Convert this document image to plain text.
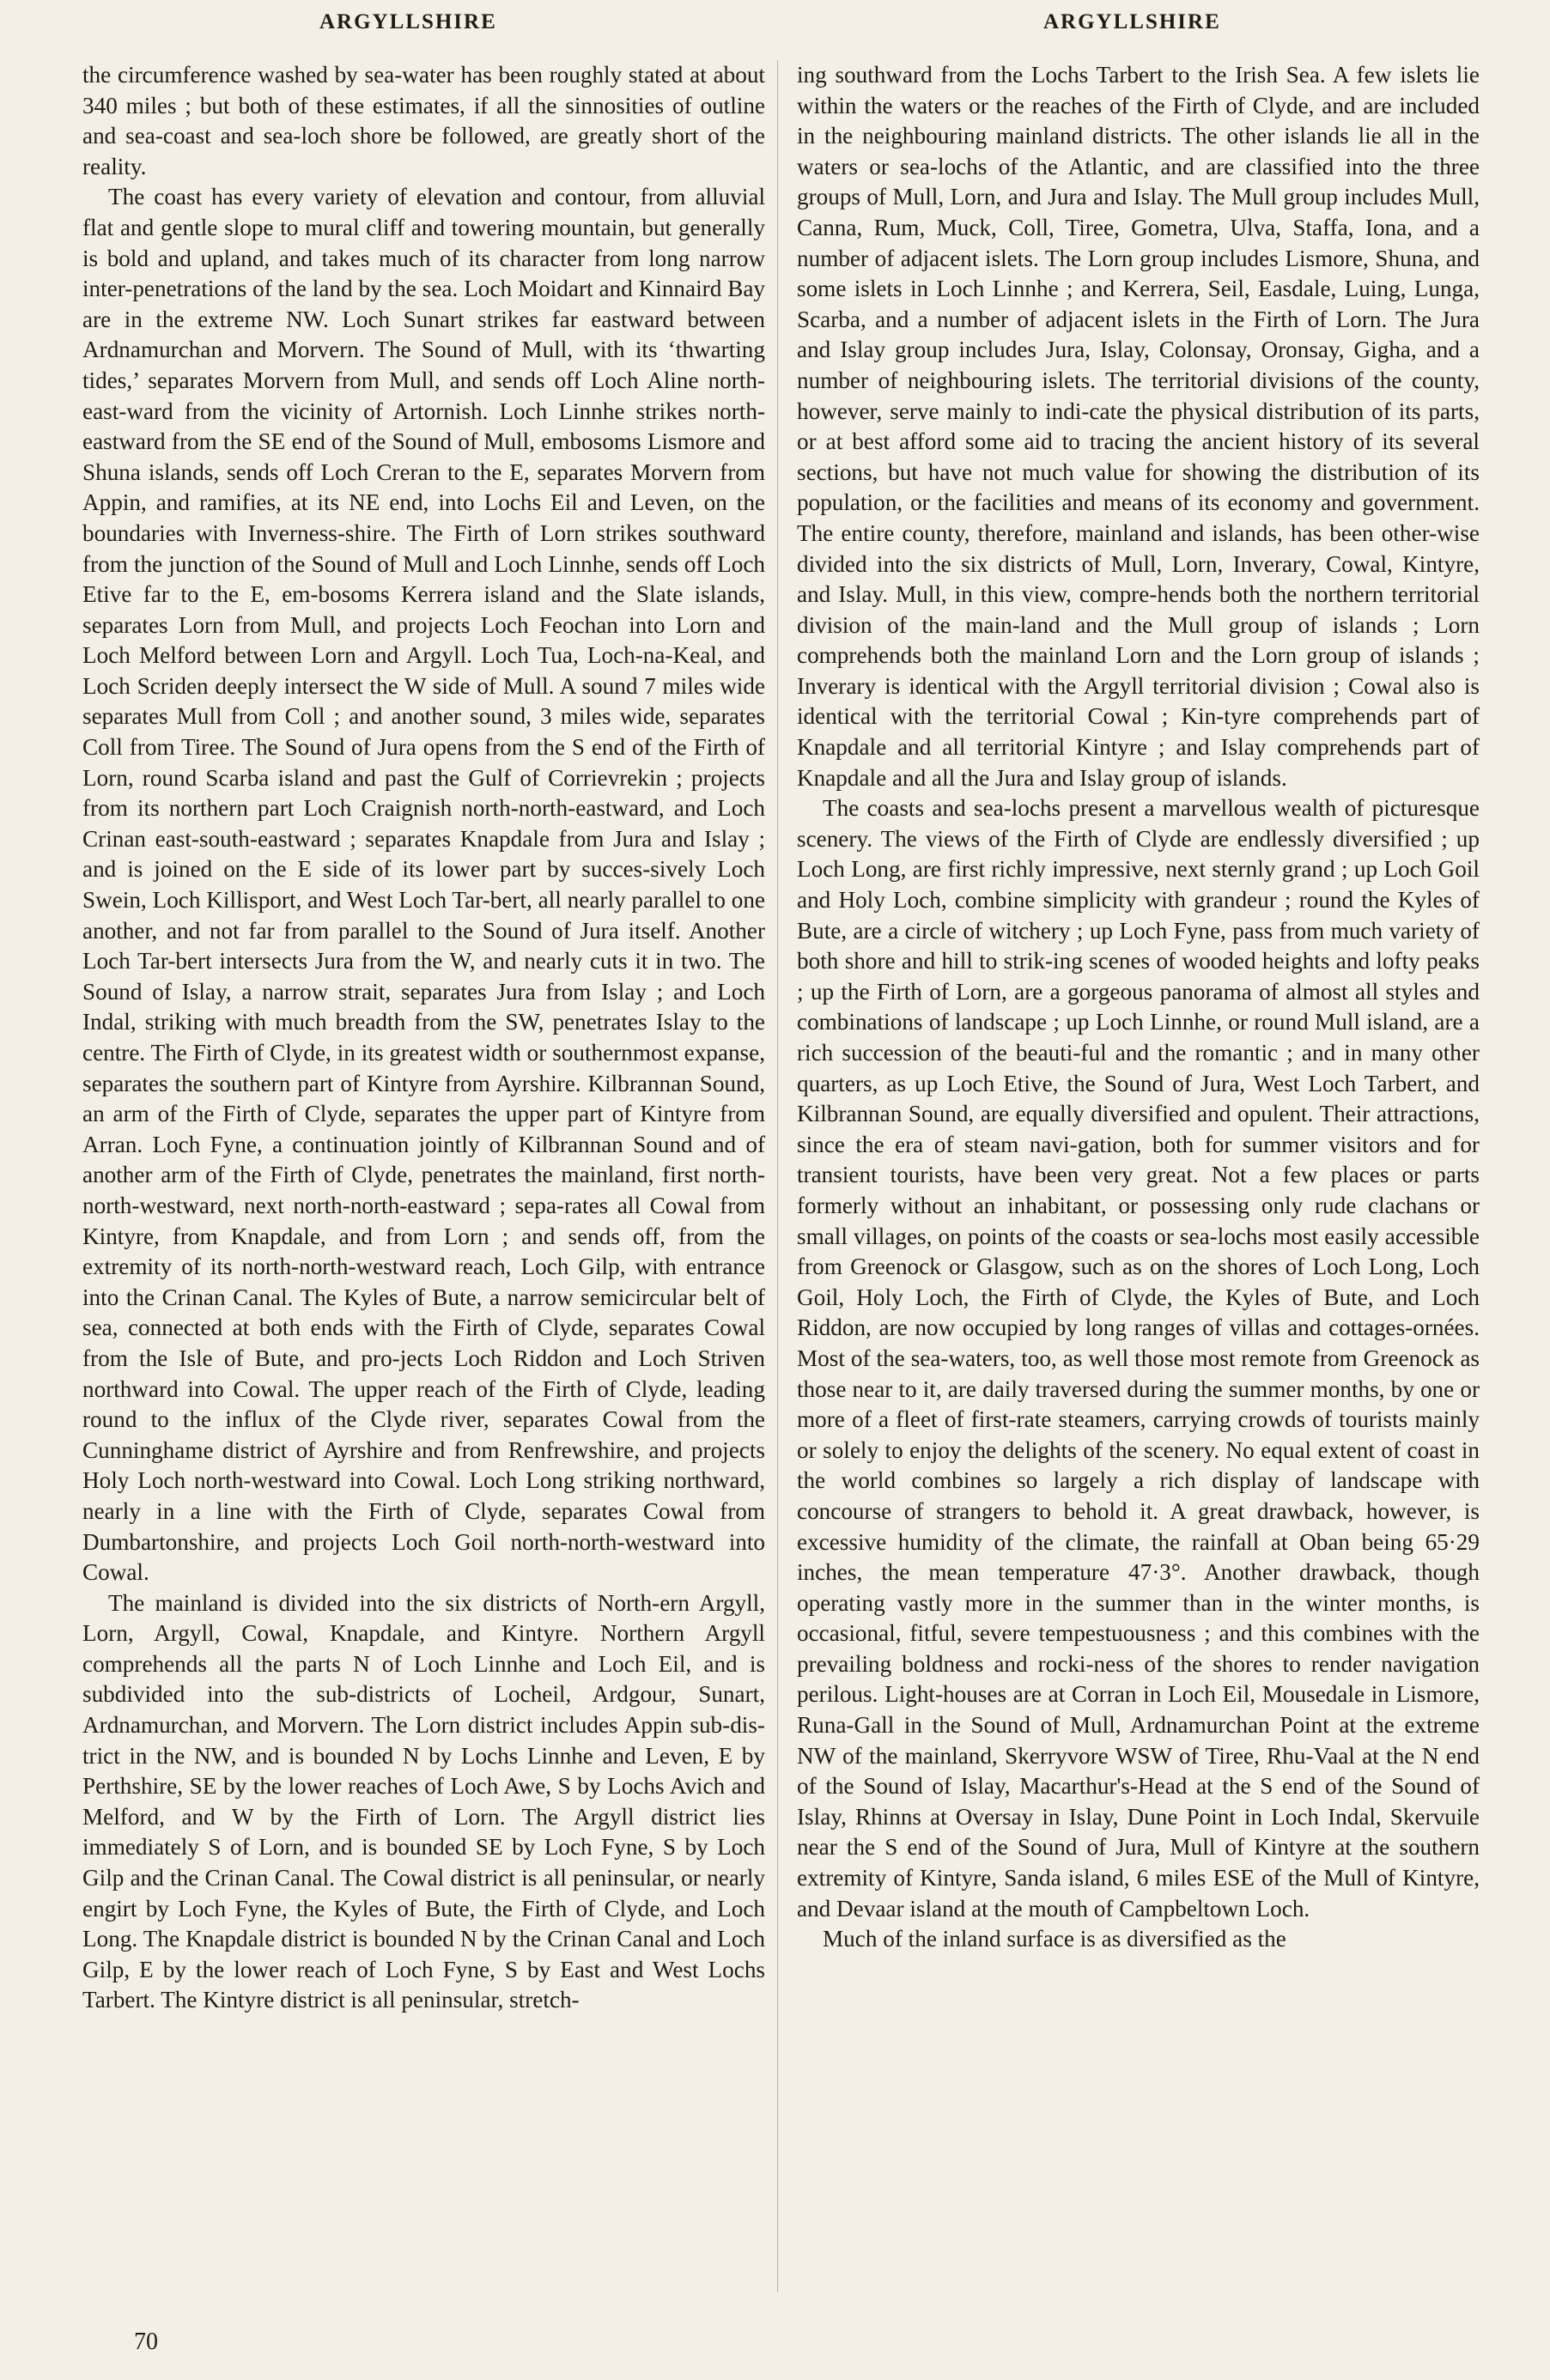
ARGYLLSHIRE	ARGYLLSHIRE

the circumference washed by sea-water has been roughly stated at about 340 miles ; but both of these estimates, if all the sinnosities of outline and sea-coast and sea-loch shore be followed, are greatly short of the reality.

The coast has every variety of elevation and contour, from alluvial flat and gentle slope to mural cliff and towering mountain, but generally is bold and upland, and takes much of its character from long narrow inter-penetrations of the land by the sea. Loch Moidart and Kinnaird Bay are in the extreme NW. Loch Sunart strikes far eastward between Ardnamurchan and Morvern. The Sound of Mull, with its ‘thwarting tides,’ separates Morvern from Mull, and sends off Loch Aline north-east-ward from the vicinity of Artornish. Loch Linnhe strikes north-eastward from the SE end of the Sound of Mull, embosoms Lismore and Shuna islands, sends off Loch Creran to the E, separates Morvern from Appin, and ramifies, at its NE end, into Lochs Eil and Leven, on the boundaries with Inverness-shire. The Firth of Lorn strikes southward from the junction of the Sound of Mull and Loch Linnhe, sends off Loch Etive far to the E, em-bosoms Kerrera island and the Slate islands, separates Lorn from Mull, and projects Loch Feochan into Lorn and Loch Melford between Lorn and Argyll. Loch Tua, Loch-na-Keal, and Loch Scriden deeply intersect the W side of Mull. A sound 7 miles wide separates Mull from Coll ; and another sound, 3 miles wide, separates Coll from Tiree. The Sound of Jura opens from the S end of the Firth of Lorn, round Scarba island and past the Gulf of Corrievrekin ; projects from its northern part Loch Craignish north-north-eastward, and Loch Crinan east-south-eastward ; separates Knapdale from Jura and Islay ; and is joined on the E side of its lower part by succes-sively Loch Swein, Loch Killisport, and West Loch Tar-bert, all nearly parallel to one another, and not far from parallel to the Sound of Jura itself. Another Loch Tar-bert intersects Jura from the W, and nearly cuts it in two. The Sound of Islay, a narrow strait, separates Jura from Islay ; and Loch Indal, striking with much breadth from the SW, penetrates Islay to the centre. The Firth of Clyde, in its greatest width or southernmost expanse, separates the southern part of Kintyre from Ayrshire. Kilbrannan Sound, an arm of the Firth of Clyde, separates the upper part of Kintyre from Arran. Loch Fyne, a continuation jointly of Kilbrannan Sound and of another arm of the Firth of Clyde, penetrates the mainland, first north-north-westward, next north-north-eastward ; sepa-rates all Cowal from Kintyre, from Knapdale, and from Lorn ; and sends off, from the extremity of its north-north-westward reach, Loch Gilp, with entrance into the Crinan Canal. The Kyles of Bute, a narrow semicircular belt of sea, connected at both ends with the Firth of Clyde, separates Cowal from the Isle of Bute, and pro-jects Loch Riddon and Loch Striven northward into Cowal. The upper reach of the Firth of Clyde, leading round to the influx of the Clyde river, separates Cowal from the Cunninghame district of Ayrshire and from Renfrewshire, and projects Holy Loch north-westward into Cowal. Loch Long striking northward, nearly in a line with the Firth of Clyde, separates Cowal from Dumbartonshire, and projects Loch Goil north-north-westward into Cowal.

The mainland is divided into the six districts of North-ern Argyll, Lorn, Argyll, Cowal, Knapdale, and Kintyre. Northern Argyll comprehends all the parts N of Loch Linnhe and Loch Eil, and is subdivided into the sub-districts of Locheil, Ardgour, Sunart, Ardnamurchan, and Morvern. The Lorn district includes Appin sub-dis-trict in the NW, and is bounded N by Lochs Linnhe and Leven, E by Perthshire, SE by the lower reaches of Loch Awe, S by Lochs Avich and Melford, and W by the Firth of Lorn. The Argyll district lies immediately S of Lorn, and is bounded SE by Loch Fyne, S by Loch Gilp and the Crinan Canal. The Cowal district is all peninsular, or nearly engirt by Loch Fyne, the Kyles of Bute, the Firth of Clyde, and Loch Long. The Knapdale district is bounded N by the Crinan Canal and Loch Gilp, E by the lower reach of Loch Fyne, S by East and West Lochs Tarbert. The Kintyre district is all peninsular, stretch-

ing southward from the Lochs Tarbert to the Irish Sea. A few islets lie within the waters or the reaches of the Firth of Clyde, and are included in the neighbouring mainland districts. The other islands lie all in the waters or sea-lochs of the Atlantic, and are classified into the three groups of Mull, Lorn, and Jura and Islay. The Mull group includes Mull, Canna, Rum, Muck, Coll, Tiree, Gometra, Ulva, Staffa, Iona, and a number of adjacent islets. The Lorn group includes Lismore, Shuna, and some islets in Loch Linnhe ; and Kerrera, Seil, Easdale, Luing, Lunga, Scarba, and a number of adjacent islets in the Firth of Lorn. The Jura and Islay group includes Jura, Islay, Colonsay, Oronsay, Gigha, and a number of neighbouring islets. The territorial divisions of the county, however, serve mainly to indi-cate the physical distribution of its parts, or at best afford some aid to tracing the ancient history of its several sections, but have not much value for showing the distribution of its population, or the facilities and means of its economy and government. The entire county, therefore, mainland and islands, has been other-wise divided into the six districts of Mull, Lorn, Inverary, Cowal, Kintyre, and Islay. Mull, in this view, compre-hends both the northern territorial division of the main-land and the Mull group of islands ; Lorn comprehends both the mainland Lorn and the Lorn group of islands ; Inverary is identical with the Argyll territorial division ; Cowal also is identical with the territorial Cowal ; Kin-tyre comprehends part of Knapdale and all territorial Kintyre ; and Islay comprehends part of Knapdale and all the Jura and Islay group of islands.

The coasts and sea-lochs present a marvellous wealth of picturesque scenery. The views of the Firth of Clyde are endlessly diversified ; up Loch Long, are first richly impressive, next sternly grand ; up Loch Goil and Holy Loch, combine simplicity with grandeur ; round the Kyles of Bute, are a circle of witchery ; up Loch Fyne, pass from much variety of both shore and hill to strik-ing scenes of wooded heights and lofty peaks ; up the Firth of Lorn, are a gorgeous panorama of almost all styles and combinations of landscape ; up Loch Linnhe, or round Mull island, are a rich succession of the beauti-ful and the romantic ; and in many other quarters, as up Loch Etive, the Sound of Jura, West Loch Tarbert, and Kilbrannan Sound, are equally diversified and opulent. Their attractions, since the era of steam navi-gation, both for summer visitors and for transient tourists, have been very great. Not a few places or parts formerly without an inhabitant, or possessing only rude clachans or small villages, on points of the coasts or sea-lochs most easily accessible from Greenock or Glasgow, such as on the shores of Loch Long, Loch Goil, Holy Loch, the Firth of Clyde, the Kyles of Bute, and Loch Riddon, are now occupied by long ranges of villas and cottages-ornées. Most of the sea-waters, too, as well those most remote from Greenock as those near to it, are daily traversed during the summer months, by one or more of a fleet of first-rate steamers, carrying crowds of tourists mainly or solely to enjoy the delights of the scenery. No equal extent of coast in the world combines so largely a rich display of landscape with concourse of strangers to behold it. A great drawback, however, is excessive humidity of the climate, the rainfall at Oban being 65·29 inches, the mean temperature 47·3°. Another drawback, though operating vastly more in the summer than in the winter months, is occasional, fitful, severe tempestuousness ; and this combines with the prevailing boldness and rocki-ness of the shores to render navigation perilous. Light-houses are at Corran in Loch Eil, Mousedale in Lismore, Runa-Gall in the Sound of Mull, Ardnamurchan Point at the extreme NW of the mainland, Skerryvore WSW of Tiree, Rhu-Vaal at the N end of the Sound of Islay, Macarthur's-Head at the S end of the Sound of Islay, Rhinns at Oversay in Islay, Dune Point in Loch Indal, Skervuile near the S end of the Sound of Jura, Mull of Kintyre at the southern extremity of Kintyre, Sanda island, 6 miles ESE of the Mull of Kintyre, and Devaar island at the mouth of Campbeltown Loch.

Much of the inland surface is as diversified as the

70
